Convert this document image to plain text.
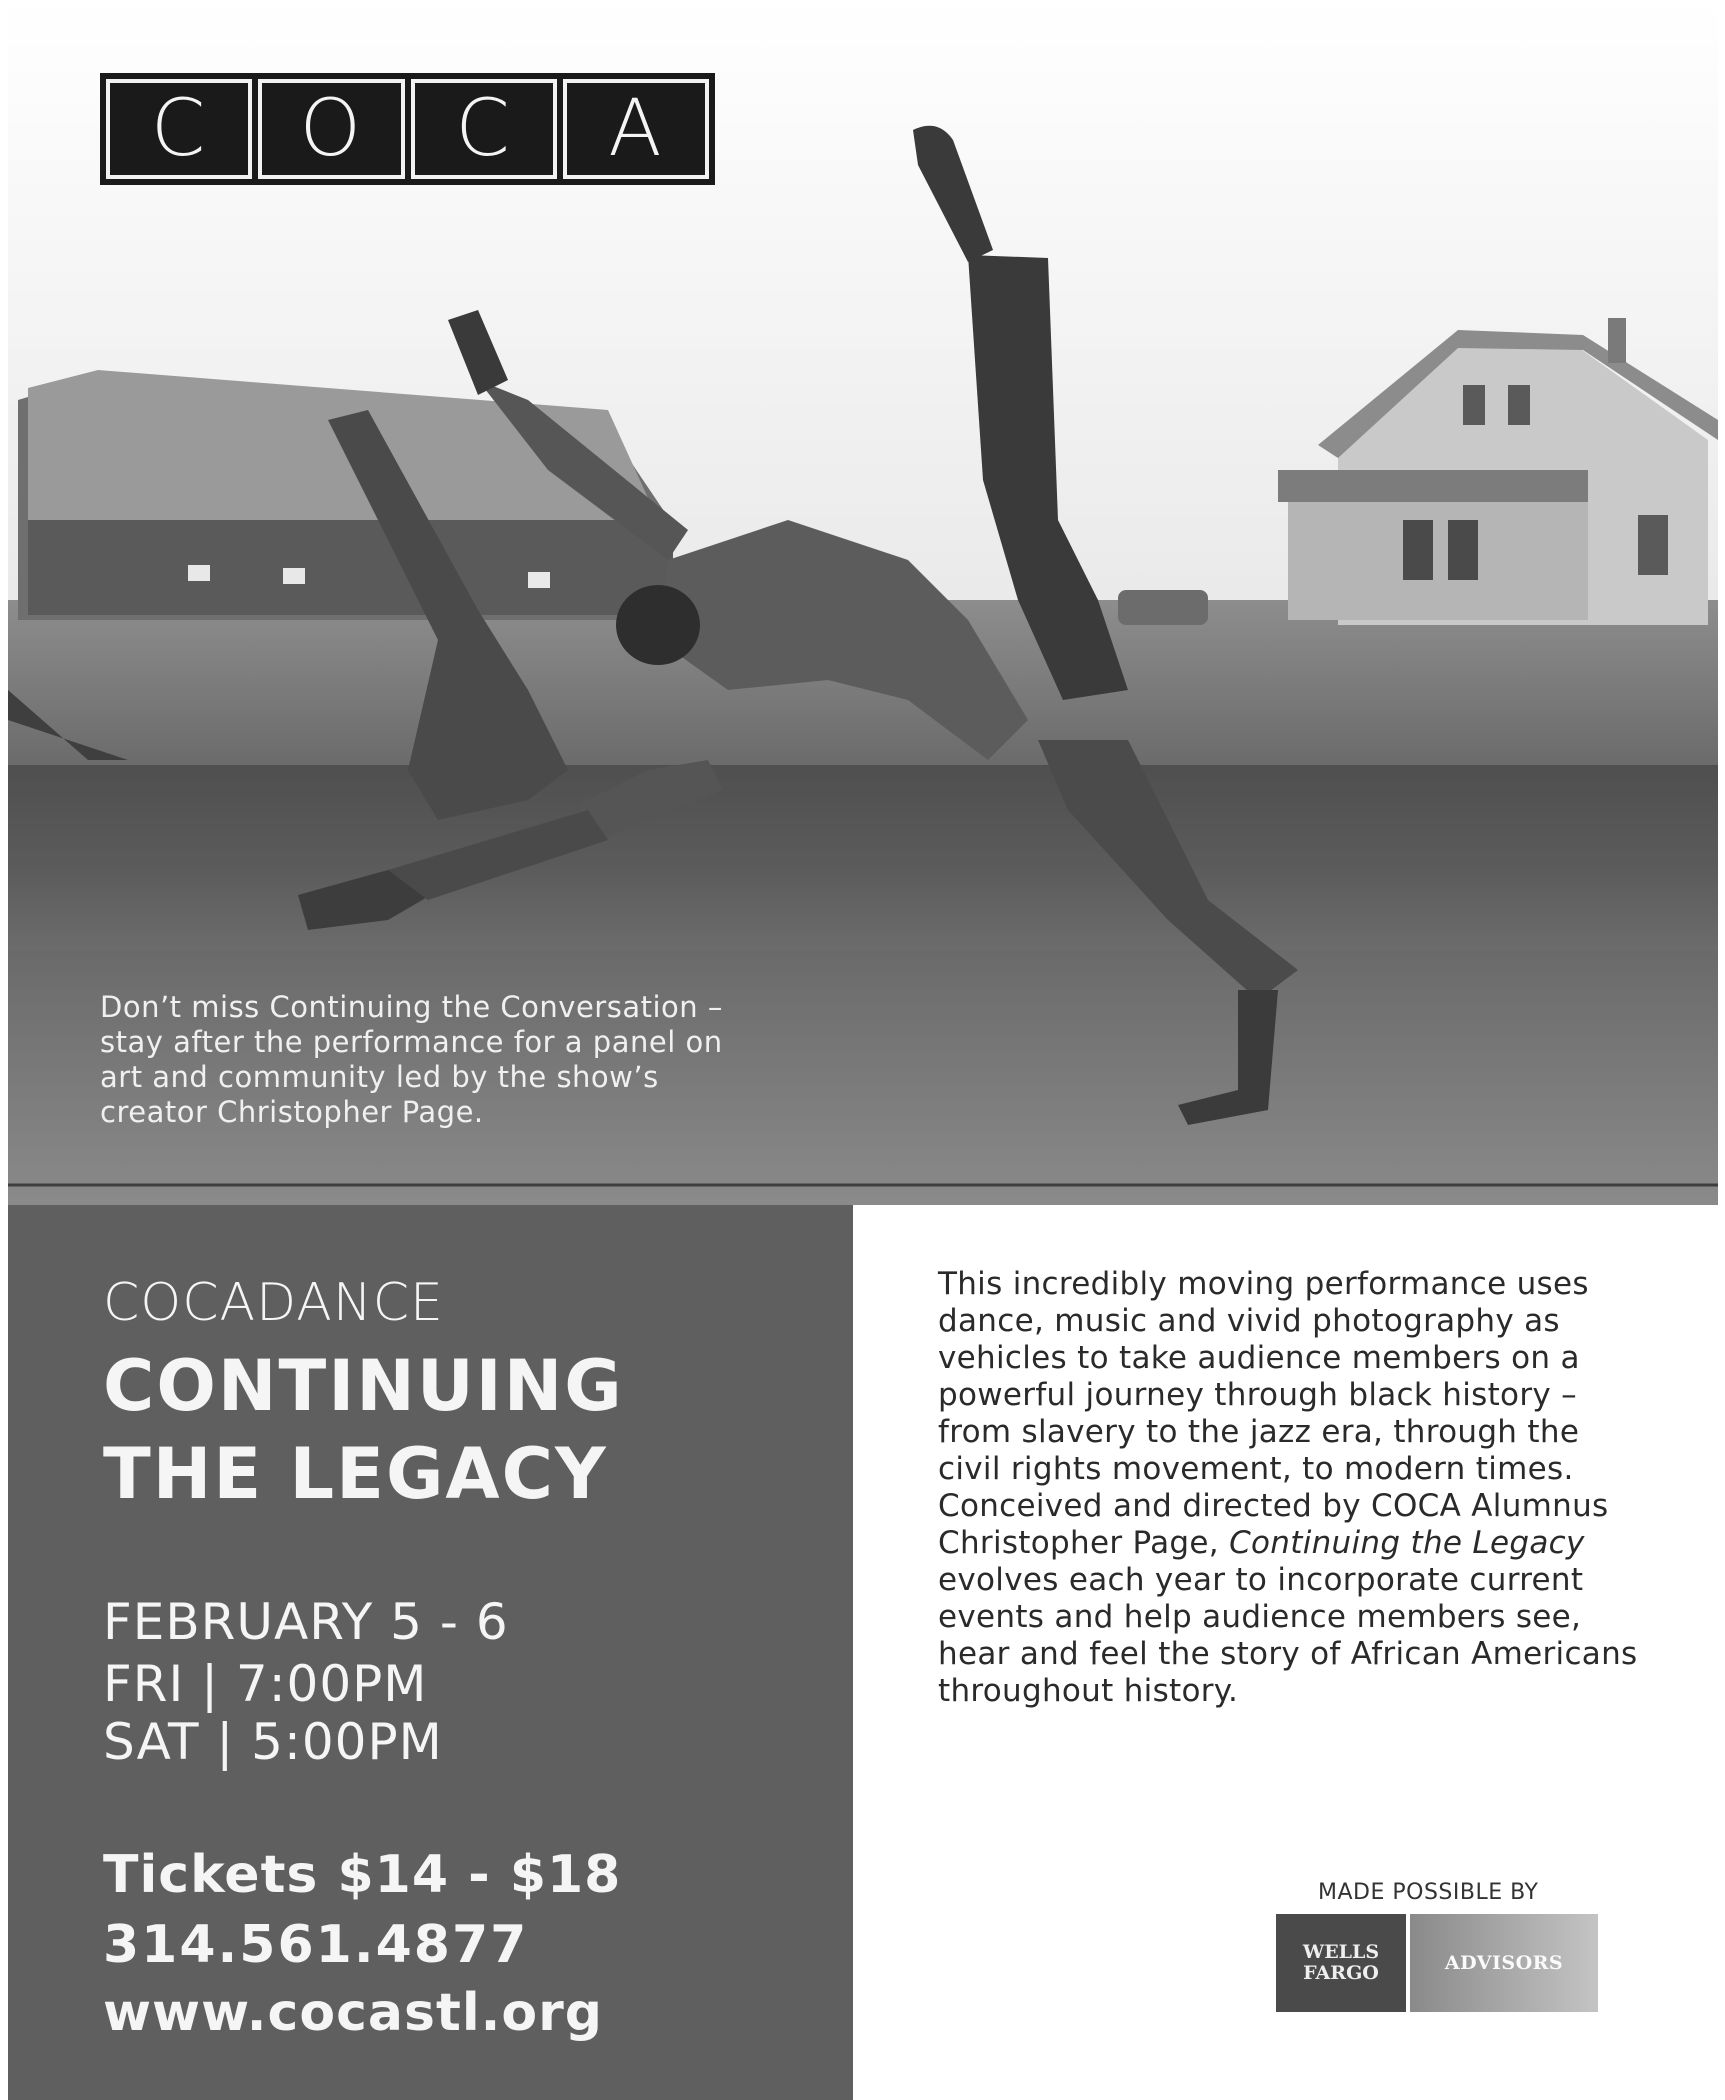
C	O	C	A
Don’t miss Continuing the Conversation – stay after the performance for a panel on art and community led by the show’s creator Christopher Page.
COCADANCE
CONTINUING
THE LEGACY
FEBRUARY 5 - 6
FRI | 7:00PM
SAT | 5:00PM
Tickets $14 - $18
314.561.4877
www.cocastl.org
This incredibly moving performance uses dance, music and vivid photography as vehicles to take audience members on a powerful journey through black history – from slavery to the jazz era, through the civil rights movement, to modern times. Conceived and directed by COCA Alumnus Christopher Page, Continuing the Legacy evolves each year to incorporate current events and help audience members see, hear and feel the story of African Americans throughout history.
MADE POSSIBLE BY
WELLS
FARGO	ADVISORS
